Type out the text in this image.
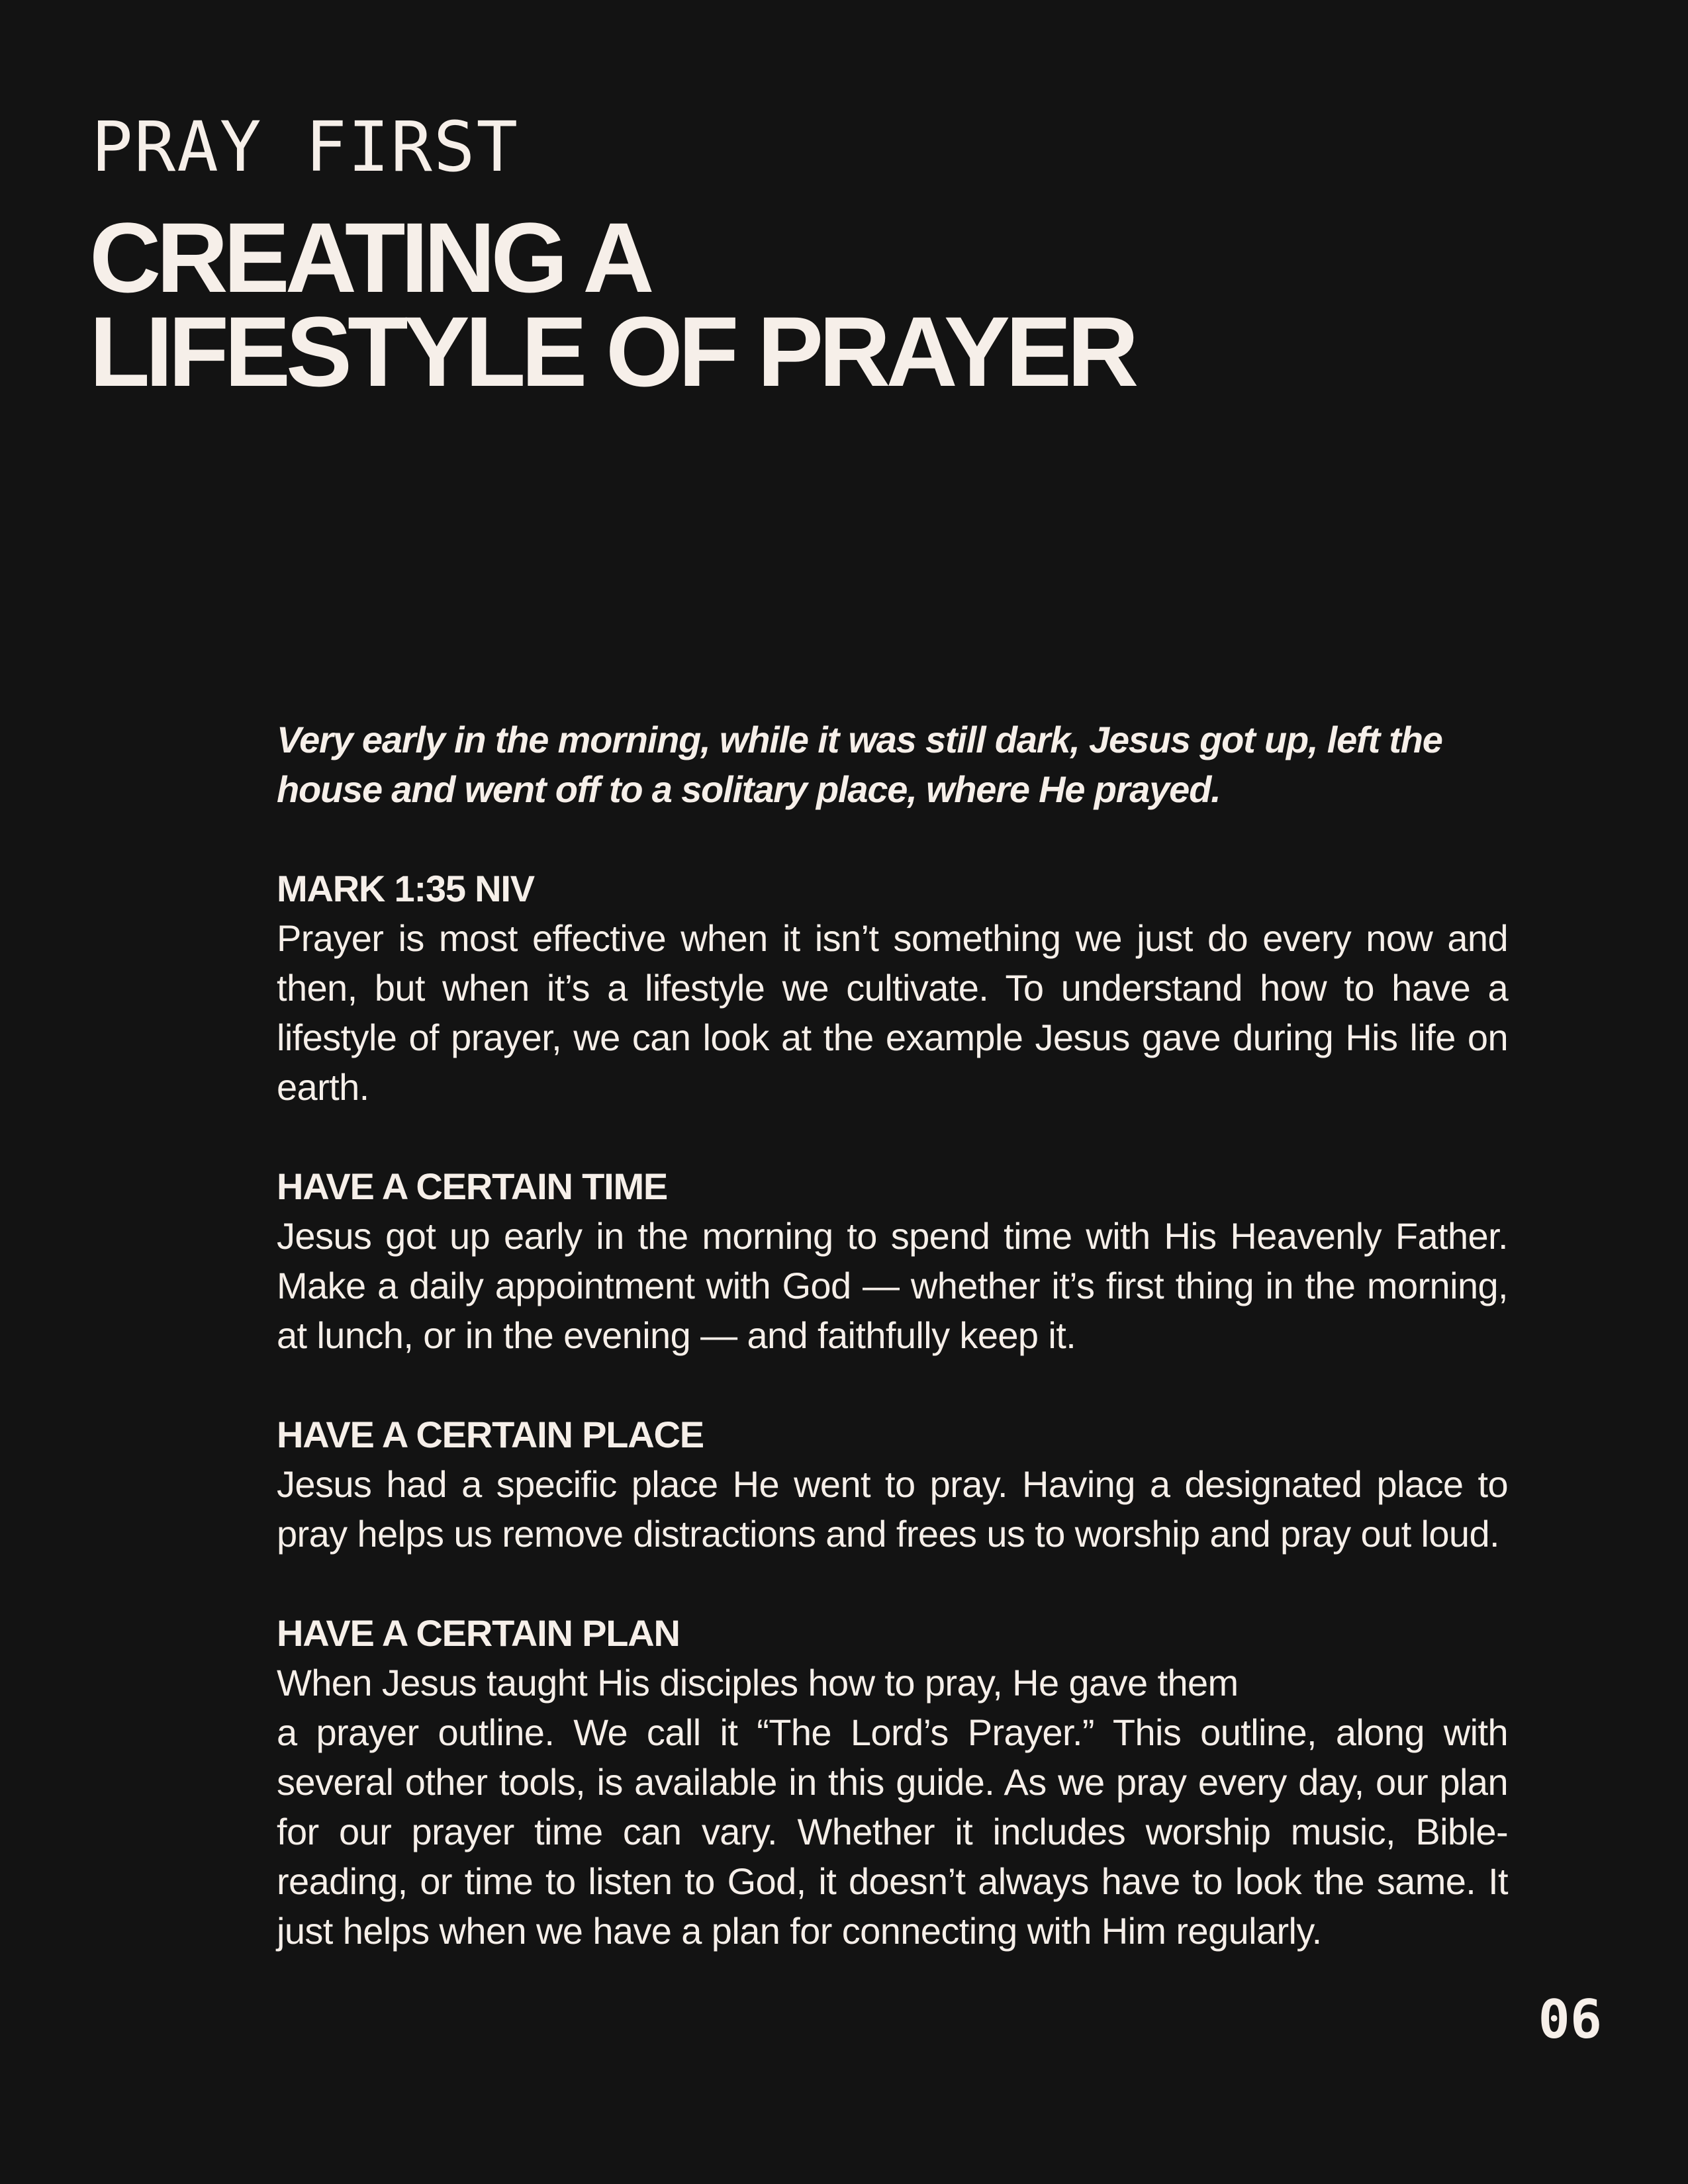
PRAY FIRST

CREATING A
LIFESTYLE OF PRAYER

Very early in the morning, while it was still dark, Jesus got up, left the house and went off to a solitary place, where He prayed.

MARK 1:35 NIV

Prayer is most effective when it isn’t something we just do every now and then, but when it’s a lifestyle we cultivate. To understand how to have a lifestyle of prayer, we can look at the example Jesus gave during His life on earth.

HAVE A CERTAIN TIME

Jesus got up early in the morning to spend time with His Heavenly Father. Make a daily appointment with God — whether it’s first thing in the morning, at lunch, or in the evening — and faithfully keep it.

HAVE A CERTAIN PLACE

Jesus had a specific place He went to pray. Having a designated place to pray helps us remove distractions and frees us to worship and pray out loud.

HAVE A CERTAIN PLAN

When Jesus taught His disciples how to pray, He gave them

a prayer outline. We call it “The Lord’s Prayer.” This outline, along with several other tools, is available in this guide. As we pray every day, our plan for our prayer time can vary. Whether it includes worship music, Bible-reading, or time to listen to God, it doesn’t always have to look the same. It just helps when we have a plan for connecting with Him regularly.

06
